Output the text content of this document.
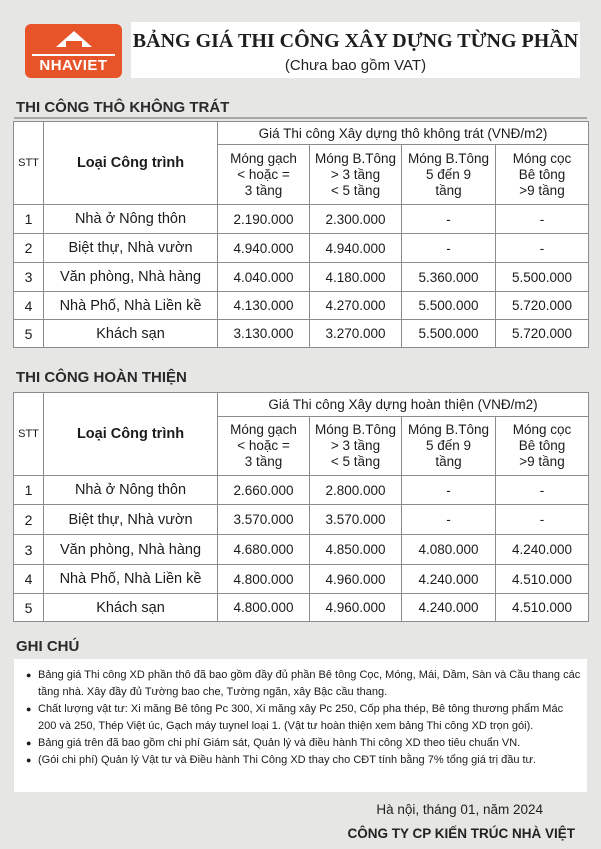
NHAVIET
BẢNG GIÁ THI CÔNG XÂY DỰNG TỪNG PHẦN
(Chưa bao gồm VAT)
THI CÔNG THÔ KHÔNG TRÁT
STT	Loại Công trình	Giá Thi công Xây dựng thô không trát (VNĐ/m2)			
		Móng gạch
< hoặc =
3 tầng	Móng B.Tông
> 3 tầng
< 5 tầng	Móng B.Tông
5 đến 9
tầng	Móng cọc
Bê tông
>9 tầng
1	Nhà ở Nông thôn	2.190.000	2.300.000	-	-
2	Biệt thự, Nhà vườn	4.940.000	4.940.000	-	-
3	Văn phòng, Nhà hàng	4.040.000	4.180.000	5.360.000	5.500.000
4	Nhà Phố, Nhà Liền kề	4.130.000	4.270.000	5.500.000	5.720.000
5	Khách sạn	3.130.000	3.270.000	5.500.000	5.720.000
THI CÔNG HOÀN THIỆN
STT	Loại Công trình	Giá Thi công Xây dựng hoàn thiện (VNĐ/m2)			
		Móng gạch
< hoặc =
3 tầng	Móng B.Tông
> 3 tầng
< 5 tầng	Móng B.Tông
5 đến 9
tầng	Móng cọc
Bê tông
>9 tầng
1	Nhà ở Nông thôn	2.660.000	2.800.000	-	-
2	Biệt thự, Nhà vườn	3.570.000	3.570.000	-	-
3	Văn phòng, Nhà hàng	4.680.000	4.850.000	4.080.000	4.240.000
4	Nhà Phố, Nhà Liền kề	4.800.000	4.960.000	4.240.000	4.510.000
5	Khách sạn	4.800.000	4.960.000	4.240.000	4.510.000
GHI CHÚ
● Bảng giá Thi công XD phần thô đã bao gồm đầy đủ phần Bê tông Cọc, Móng, Mái, Dầm, Sàn và Cầu thang các tầng nhà. Xây đầy đủ Tường bao che, Tường ngăn, xây Bậc cầu thang.
● Chất lượng vật tư: Xi măng Bê tông Pc 300, Xi măng xây Pc 250, Cốp pha thép, Bê tông thương phẩm Mác 200 và 250, Thép Việt úc, Gạch máy tuynel loại 1. (Vật tư hoàn thiện xem bảng Thi công XD trọn gói).
● Bảng giá trên đã bao gồm chi phí Giám sát, Quản lý và điều hành Thi công XD theo tiêu chuẩn VN.
● (Gói chi phí) Quản lý Vật tư và Điều hành Thi Công XD thay cho CĐT tính bằng 7% tổng giá trị đầu tư.
Hà nội, tháng 01, năm 2024
CÔNG TY CP KIẾN TRÚC NHÀ VIỆT
